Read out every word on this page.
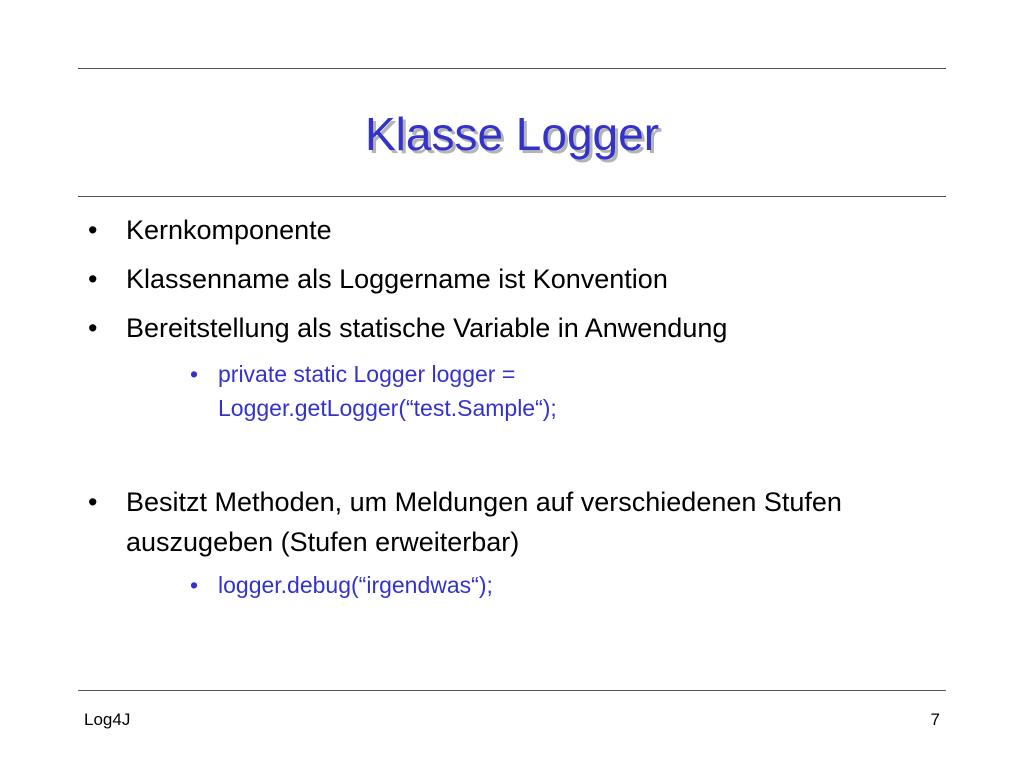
Klasse Logger
•	Kernkomponente
•	Klassenname als Loggername ist Konvention
•	Bereitstellung als statische Variable in Anwendung
• private static Logger logger = Logger.getLogger(“test.Sample“);
•	Besitzt Methoden, um Meldungen auf verschiedenen Stufen auszugeben (Stufen erweiterbar)
• logger.debug(“irgendwas“);
Log4J	7
